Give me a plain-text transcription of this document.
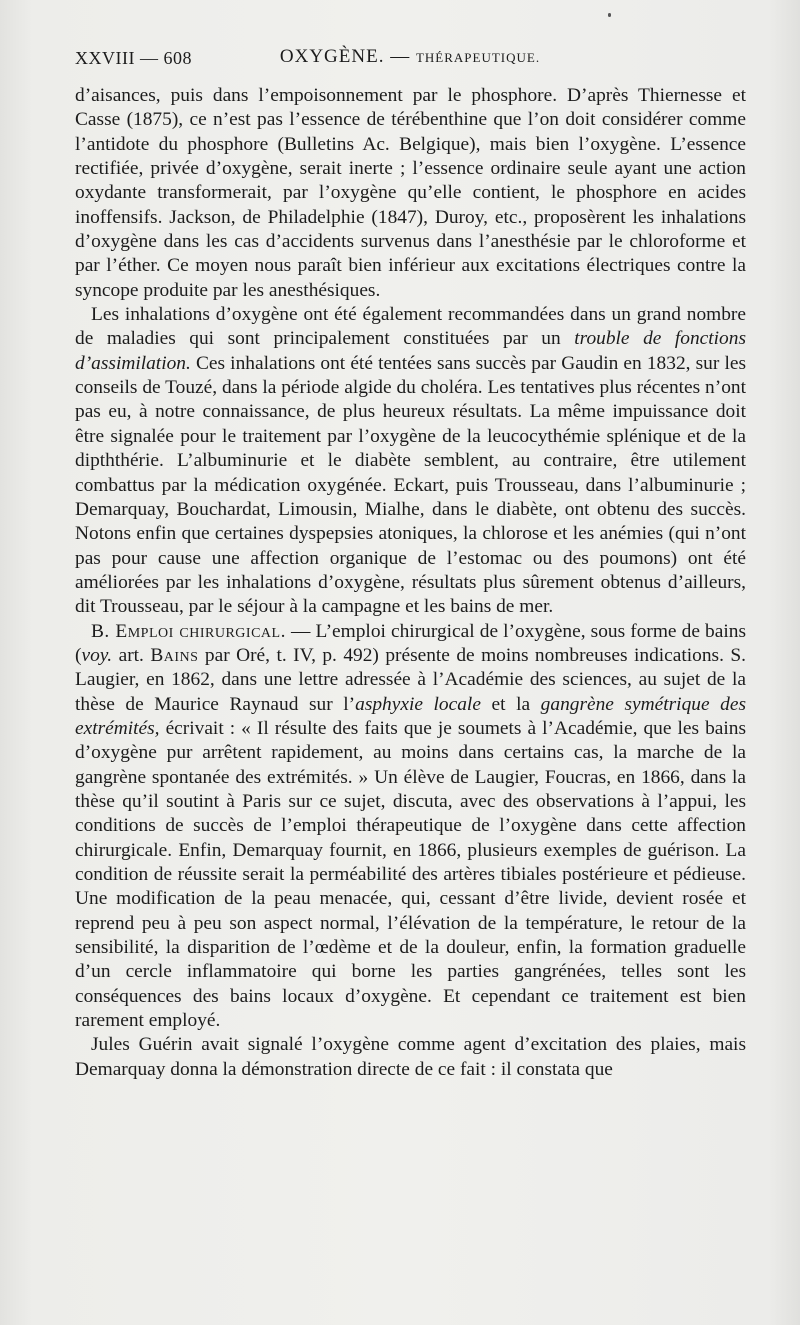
XXVIII — 608	OXYGÈNE. — THÉRAPEUTIQUE.

d’aisances, puis dans l’empoisonnement par le phosphore. D’après Thiernesse et Casse (1875), ce n’est pas l’essence de térébenthine que l’on doit considérer comme l’antidote du phosphore (Bulletins Ac. Belgique), mais bien l’oxygène. L’essence rectifiée, privée d’oxygène, serait inerte ; l’essence ordinaire seule ayant une action oxydante transformerait, par l’oxygène qu’elle contient, le phosphore en acides inoffensifs. Jackson, de Philadelphie (1847), Duroy, etc., proposèrent les inhalations d’oxygène dans les cas d’accidents survenus dans l’anesthésie par le chloroforme et par l’éther. Ce moyen nous paraît bien inférieur aux excitations électriques contre la syncope produite par les anesthésiques.

Les inhalations d’oxygène ont été également recommandées dans un grand nombre de maladies qui sont principalement constituées par un trouble de fonctions d’assimilation. Ces inhalations ont été tentées sans succès par Gaudin en 1832, sur les conseils de Touzé, dans la période algide du choléra. Les tentatives plus récentes n’ont pas eu, à notre connaissance, de plus heureux résultats. La même impuissance doit être signalée pour le traitement par l’oxygène de la leucocythémie splénique et de la dipththérie. L’albuminurie et le diabète semblent, au contraire, être utilement combattus par la médication oxygénée. Eckart, puis Trousseau, dans l’albuminurie ; Demarquay, Bouchardat, Limousin, Mialhe, dans le diabète, ont obtenu des succès. Notons enfin que certaines dyspepsies atoniques, la chlorose et les anémies (qui n’ont pas pour cause une affection organique de l’estomac ou des poumons) ont été améliorées par les inhalations d’oxygène, résultats plus sûrement obtenus d’ailleurs, dit Trousseau, par le séjour à la campagne et les bains de mer.

B. Emploi chirurgical. — L’emploi chirurgical de l’oxygène, sous forme de bains (voy. art. Bains par Oré, t. IV, p. 492) présente de moins nombreuses indications. S. Laugier, en 1862, dans une lettre adressée à l’Académie des sciences, au sujet de la thèse de Maurice Raynaud sur l’asphyxie locale et la gangrène symétrique des extrémités, écrivait : « Il résulte des faits que je soumets à l’Académie, que les bains d’oxygène pur arrêtent rapidement, au moins dans certains cas, la marche de la gangrène spontanée des extrémités. » Un élève de Laugier, Foucras, en 1866, dans la thèse qu’il soutint à Paris sur ce sujet, discuta, avec des observations à l’appui, les conditions de succès de l’emploi thérapeutique de l’oxygène dans cette affection chirurgicale. Enfin, Demarquay fournit, en 1866, plusieurs exemples de guérison. La condition de réussite serait la perméabilité des artères tibiales postérieure et pédieuse. Une modification de la peau menacée, qui, cessant d’être livide, devient rosée et reprend peu à peu son aspect normal, l’élévation de la température, le retour de la sensibilité, la disparition de l’œdème et de la douleur, enfin, la formation graduelle d’un cercle inflammatoire qui borne les parties gangrénées, telles sont les conséquences des bains locaux d’oxygène. Et cependant ce traitement est bien rarement employé.

Jules Guérin avait signalé l’oxygène comme agent d’excitation des plaies, mais Demarquay donna la démonstration directe de ce fait : il constata que
